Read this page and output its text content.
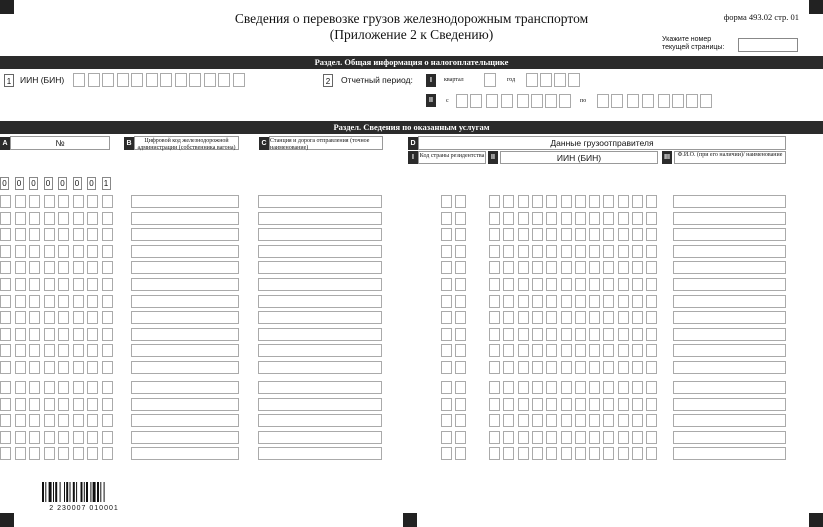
Сведения о перевозке грузов железнодорожным транспортом
(Приложение 2 к Сведению)
форма 493.02 стр. 01
Укажите номер
текущей страницы:
Раздел. Общая информация о налогоплательщике
1	ИИН (БИН)	2	Отчетный период:	I	квартал	год
II	с	по
Раздел. Сведения по оказанным услугам
A	№	B	Цифровой код железнодорожной администрации (собственника вагона)
C Станция и дорога отправления (точное наименование)
D	Данные грузоотправителя
I Код страны резидентства II	ИИН (БИН)	III	Ф.И.О. (при его наличии)/ наименование
0 0 0 0 0 0 0 1
2 230007 010001
